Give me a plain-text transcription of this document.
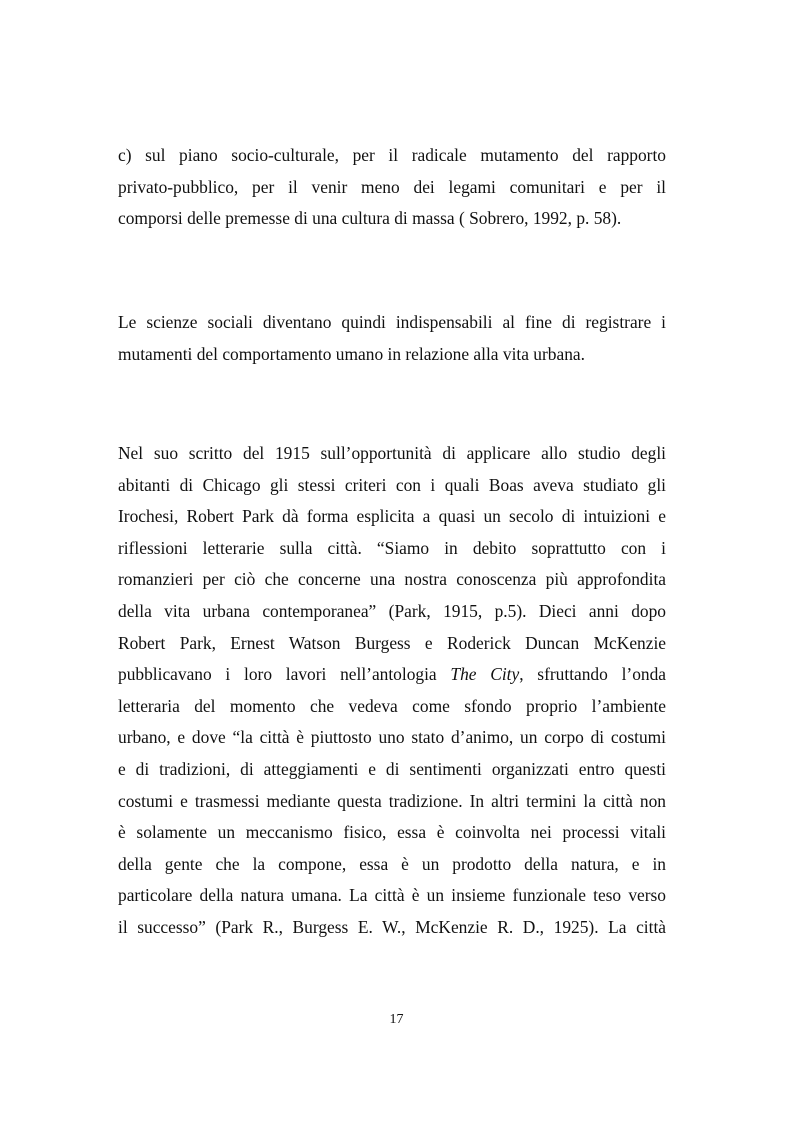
c) sul piano socio-culturale, per il radicale mutamento del rapporto
privato-pubblico, per il venir meno dei legami comunitari e per il
comporsi delle premesse di una cultura di massa ( Sobrero, 1992, p. 58).
Le scienze sociali diventano quindi indispensabili al fine di registrare i
mutamenti del comportamento umano in relazione alla vita urbana.
Nel suo scritto del 1915 sull’opportunità di applicare allo studio degli
abitanti di Chicago gli stessi criteri con i quali Boas aveva studiato gli
Irochesi, Robert Park dà forma esplicita a quasi un secolo di intuizioni e
riflessioni letterarie sulla città. “Siamo in debito soprattutto con i
romanzieri per ciò che concerne una nostra conoscenza più approfondita
della vita urbana contemporanea” (Park, 1915, p.5). Dieci anni dopo
Robert Park, Ernest Watson Burgess e Roderick Duncan McKenzie
pubblicavano i loro lavori nell’antologia The City, sfruttando l’onda
letteraria del momento che vedeva come sfondo proprio l’ambiente
urbano, e dove “la città è piuttosto uno stato d’animo, un corpo di costumi
e di tradizioni, di atteggiamenti e di sentimenti organizzati entro questi
costumi e trasmessi mediante questa tradizione. In altri termini la città non
è solamente un meccanismo fisico, essa è coinvolta nei processi vitali
della gente che la compone, essa è un prodotto della natura, e in
particolare della natura umana. La città è un insieme funzionale teso verso
il successo” (Park R., Burgess E. W., McKenzie R. D., 1925). La città
17
